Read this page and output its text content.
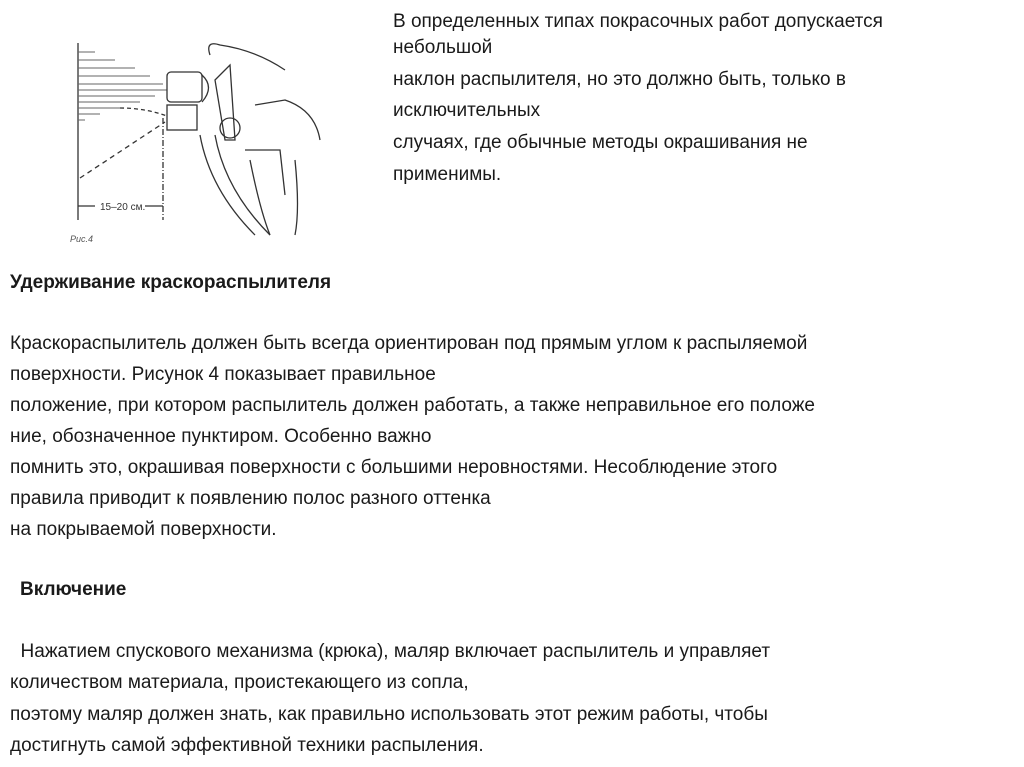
15–20 см.
Рис.4
В определенных типах покрасочных работ допускается
небольшой
наклон распылителя, но это должно быть, только в
исключительных
случаях, где обычные методы окрашивания не
применимы.
Удерживание краскораспылителя
Краскораспылитель должен быть всегда ориентирован под прямым углом к распыляемой
поверхности. Рисунок 4 показывает правильное
положение, при котором распылитель должен работать, а также неправильное его положе
ние, обозначенное пунктиром. Особенно важно
помнить это, окрашивая поверхности с большими неровностями. Несоблюдение этого
правила приводит к появлению полос разного оттенка
на покрываемой поверхности.
Включение
Нажатием спускового механизма (крюка), маляр включает распылитель и управляет
количеством материала, проистекающего из сопла,
поэтому маляр должен знать, как правильно использовать этот режим работы, чтобы
достигнуть самой эффективной техники распыления.
